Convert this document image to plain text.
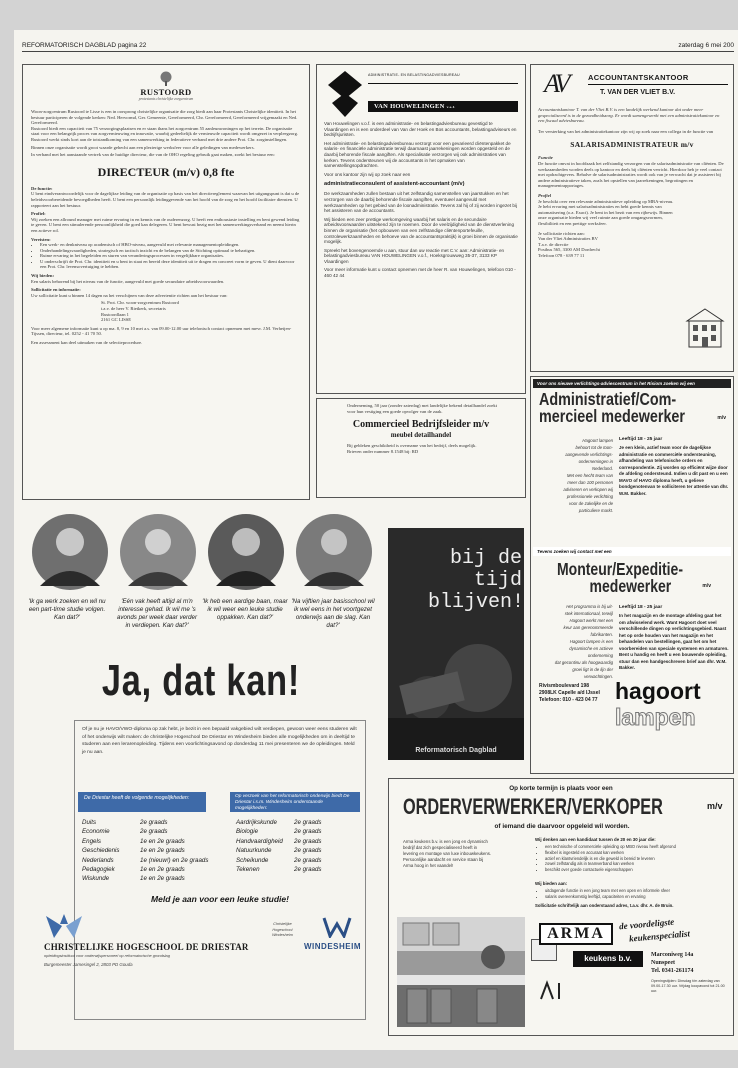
REFORMATORISCH DAGBLAD pagina 22	zaterdag 6 mei 200
RUSTOORD
protestants christelijke zorgcentrum

Woon-zorgcentrum Rustoord te Lisse is een in oorsprong christelijke organisatie die zorg biedt aan haar Protestants Christelijke identiteit. In het bestuur participeren de volgende kerken: Ned. Hervormd, Ger. Gemeente, Gereformeerd, Chr. Gereformeerd, Gereformeerd vrijgemaakt en Ned. Gereformeerd.

Rustoord biedt een capaciteit van 75 verzorgingsplaatsen en er staan thans het zorgcentrum 55 aanleunwoningen op het terrein. De organisatie staat voor een belangrijk proces van zorgvernieuwing en innovatie, waarbij gedeeltelijk de vernieuwde capaciteit wordt omgezet in verpleegzorg. Rustoord werkt sinds kort aan de totstandkoming van een samenwerking in federatieve verband met drie andere Prot. Chr. zorginstellingen.

Binnen onze organisatie wordt groot waarde gehecht aan een plezierige werksfeer voor alle geledingen van medewerkers.

In verband met het aanstaande vertrek van de huidige directeur, die van de OHO regeling gebruik gaat maken, zoekt het bestuur een:

DIRECTEUR (m/v) 0,8 fte
De functie:

U bent eindverantwoordelijk voor de dagelijkse leiding van de organisatie op basis van het directiereglement waarvan het uitgangspunt is dat u de beleidsvoorbereidende bevoegdheden heeft. U bent een persoonlijk leidinggevende van het hoofd van de zorg en het hoofd facilitaire diensten. U rapporteert aan het bestuur.

Profiel:

Wij zoeken een allround manager met ruime ervaring in en kennis van de ouderenzorg. U heeft een enthousiaste instelling en bent gewend leiding te geven. U bent een stimulerende persoonlijkheid die goed kan delegeren. U bent bewust bezig met het samenwerkingsverband en neemt hierin een actieve rol.

Vereisten:
• Een werk- en denkniveau op academisch of HBO-niveau, aangevuld met relevante managementopleidingen.
• Onderhandelingsvaardigheden, strategisch en tactisch inzicht en de belangen van de Stichting optimaal te behartigen.
• Ruime ervaring in het begeleiden en sturen van veranderingsprocessen in vergelijkbare organisaties.
• U onderschrijft de Prot. Chr. identiteit en u bent in staat en bereid deze identiteit uit te dragen en concreet vorm te geven. U dient daarvoor een Prot. Chr. levensovertuiging te hebben.
Wij bieden:

Een salaris behorend bij het niveau van de functie, aangevuld met goede secundaire arbeidsvoorwaarden.

Sollicitatie en informatie:

Uw sollicitatie kunt u binnen 14 dagen na het verschijnen van deze advertentie richten aan het bestuur van:

St. Prot. Chr. woon-zorgcentrum Rustoord
t.a.v. de heer V. Rietkerk, secretaris
Rustoordlaan 1
2161 GC LISSE

Voor meer algemene informatie kunt u op ma. 8, 9 en 10 mei a.s. van 09.00-12.00 uur telefonisch contact opnemen met mevr. J.M. Verheijen-Tijssen, directeur, tel. 0252 - 41 70 50.

Een assessment kan deel uitmaken van de selectieprocedure.

ADMINISTRATIE- EN BELASTINGADVIESBUREAU
VAN HOUWELINGEN v.o.f.

Van Houwelingen v.o.f. is een administratie- en belastingadviesbureau gevestigd te Vlaardingen en is een onderdeel van Van der Hoek en Bos accountants, belastingadviseurs en bedrijfsjuristen.

Het administratie- en belastingadviesbureau verzorgt voor een gevarieerd cliëntenpakket de salaris- en financiële administratie terwijl daarnaast jaarrekeningen worden opgesteld en de daarbij behorende fiscale aangiften. Als specialisatie verzorgen wij ook administraties van kerken. Tevens ondersteunen wij de accountants in het opmaken van samenstellingsopdrachten.

Voor ons kantoor zijn wij op zoek naar een

administratieconsulent of assistent-accountant (m/v)

De werkzaamheden zullen bestaan uit het zelfstandig samenstellen van jaarstukken en het verzorgen van de daarbij behorende fiscale aangiften, eventueel aangevuld met werkzaamheden op het gebied van de loonadministratie. Tevens zal hij of zij worden ingezet bij het assisteren van de accountants.

Wij bieden een zeer prettige werkomgeving waarbij het salaris en de secundaire arbeidsvoorwaarden uitstekend zijn te noemen. Door de veelzijdigheid van de dienstverlening binnen de organisatie (het opbouwen van een zelfstandige cliëntenportefeuille, controlewerkzaamheden en behoeve van de accountantspraktijk) is groei binnen de organisatie mogelijk.

Spreekt het bovengenoemde u aan, stuur dan uw reactie met C.V. aan: Administratie- en belastingadviesbureau VAN HOUWELINGEN v.o.f., Hoeksgrouwweg 35-37, 3133 KP Vlaardingen

Voor meer informatie kunt u contact opnemen met de heer R. van Houwelingen, telefoon 010 - 460 42 44

Onderneming, 50 jaar (zonder zaterdag) met landelijke bekend detailhandel zoekt voor hun vestiging een goede opvolger van de zaak.

Commercieel Bedrijfsleider m/v
meubel detailhandel

Bij gebleken geschiktheid is overname van het bedrijf, deels mogelijk.

Brieven onder nummer 8.1548 bij: RD

AV	ACCOUNTANTSKANTOOR
T. VAN DER VLIET B.V.

Accountantskantoor T. van der Vliet B.V. is een landelijk werkend kantoor dat onder meer gespecialiseerd is in de gezondheidszorg. Er wordt samengewerkt met een administratiekantoor en een fiscaal adviesbureau.

Ter versterking van het administratiekantoor zijn wij op zoek naar een collega in de functie van

SALARISADMINISTRATEUR m/v
Functie

De functie omvat in hoofdzaak het zelfstandig verzorgen van de salarisadministratie van cliënten. De werkzaamheden worden deels op kantoor en deels bij cliënten verricht. Hierdoor heb je veel contact met opdrachtgevers. Behalve de salarisadministraties wordt ook van je verwacht dat je assisteert bij andere administratieve taken, zoals het opstellen van jaarrekeningen, begrotingen en managementrapportages.

Profiel

Je beschikt over een relevante administratieve opleiding op MBA-niveau. Je hebt ervaring met salarisadministraties en hebt goede kennis van automatisering (o.a. Exact). Je bent in het bezit van een rijbewijs. Binnen onze organisatie bieden wij veel ruimte aan goede omgangsvormen, flexibiliteit en een prettige werksfeer.

Je sollicitatie richten aan:

Van der Vliet Administraties BV
T.a.v. de directie
Postbus 565, 3300 AM Dordrecht
Telefoon 078 - 639 77 11
Voor ons nieuwe verlichtings-adviescentrum in het Risiom zoeken wij een
Administratief/Com-
mercieel medewerker	m/v
Hagoort lampen
behoort tot de toon-
aangevende verlichtings-
ondernemingen in
Nederland.
Met een hecht team van
meer dan 100 personen
adviseren en verkopen wij
professionele verlichting
voor de zakelijke en de
particuliere markt.
Leeftijd 18 - 25 jaar

Je een klein, actief team voor de dagelijkse administratie en commerciële ondersteuning, afhandeling van telefonische orders en correspondentie. Zij worden op efficiënt wijze door de afdeling ondersteund. Indien u dit past en u een MAVO of HAVO diploma heeft, u gelieve bondgenotenvan te solliciteren ter attentie van dhr. W.M. Bakker.

Tevens zoeken wij contact met een
Monteur/Expeditie-
medewerker	m/v
Het programma is bij uit-
stek internationaal, terwijl
Hagoort werkt met een
keur aan gerenommeerde
fabrikanten.
Hagoort lampen is een
dynamische en actieve
onderneming
dat gecontinu als hoogwaardig
groei ligt in de lijn der
verwachtingen.
Leeftijd 18 - 25 jaar

In het magazijn en de montage afdeling gaat het om afwisselend werk. Want Hagoort doet veel verschillende dingen op verlichtingsgebied. Naast het op orde houden van het magazijn en het behandelen van bestellingen, gaat het om het voorbereiden van speciale systemen en armaturen. Bent u handig en heeft u een bouwende opleiding, stuur dan een handgeschreven brief aan dhr. W.M. Bakker.

Rivismboulevard 198
2908LK Capelle a/d IJssel
Telefoon: 010 - 423 04 77 hagoort
lampen
'Ik ga werk zoeken en wil nu een part-time studie volgen. Kan dat?'
'Eén vak heeft altijd al m'n interesse gehad. Ik wil me 's avonds per week daar verder in verdiepen. Kan dat?'
'Ik heb een aardige baan, maar ik wil weer een leuke studie oppakken. Kan dat?'
'Na vijftien jaar basisschool wil ik wel eens in het voortgezet onderwijs aan de slag. Kan dat?'
Ja, dat kan!

Of je nu je HAVO/VWO-diploma op zak hebt, je bezit in een bepaald vakgebied wilt verdiepen, gewoon weer eens studeren wilt of het onderwijs wilt maken: de christelijke Hogeschool De Driestar en Windesheim bieden alle mogelijkheden om in deeltijd te studeren aan een lerarenopleiding. Tijdens een voorlichtingsavond op donderdag 11 mei presenteren we de opleidingen. Meld je nu aan.

De Driestar heeft de volgende mogelijkheden:	Op verzoek van het reformatorisch onderwijs biedt De Driestar i.s.m. Windesheim onderstaande mogelijkheden:
Duits	2e graads
Economie	2e graads
Engels	1e en 2e graads
Geschiedenis	1e en 2e graads
Nederlands	1e (nieuw!) en 2e graads
Pedagogiek	1e en 2e graads
Wiskunde	1e en 2e graads
Aardrijkskunde	2e graads
Biologie	2e graads
Handvaardigheid	2e graads
Natuurkunde	2e graads
Scheikunde	2e graads
Tekenen	2e graads
Meld je aan voor een leuke studie!
CHRISTELIJKE HOGESCHOOL DE DRIESTAR
opleidingsinstituut voor onderwijspersoneel op reformatorische grondslag
Burgemeester Jamesingel 2, 2803 PD Gouda
Christelijke
Hogeschool
Windesheim
WINDESHEIM
bij de tijd blijven!
Reformatorisch Dagblad
Op korte termijn is plaats voor een
ORDERVERWERKER/VERKOPER	m/v
of iemand die daarvoor opgeleid wil worden.

Arma keukens b.v. is een jong en dynamisch bedrijf dat zich gespecialiseerd heeft in levering en montage van luxe inbouwkeukens. Persoonlijke aandacht en service staan bij Arma hoog in het vaandel!

Wij denken aan een kandidaat tussen de 20 en 30 jaar die:
• een technische of commerciële opleiding op MBO niveau heeft afgerond
• flexibel is ingesteld en accuraat kan werken
• actief en klantvriendelijk is en die geweld is bereid te leveren
• zowel zelfstandig als in teamverband kan werken
• beschikt over goede contactuele eigenschappen
Wij bieden aan:
• uitdagende functie in een jong team met een open en informele sfeer
• salaris overeenkomstig leeftijd, capaciteiten en ervaring
Sollicitatie schriftelijk aan onderstaand adres, t.a.v. dhr. A. de Bruin.
ARMA
de voordeligste
keukenspecialist
keukens b.v.	Marconiweg 14a
Nunspeet
Tel. 0341-261174

Openingstijden: Dinsdag t/m zaterdag van 09.00-17.30 uur. Vrijdag koopavond tot 21.00 uur.
